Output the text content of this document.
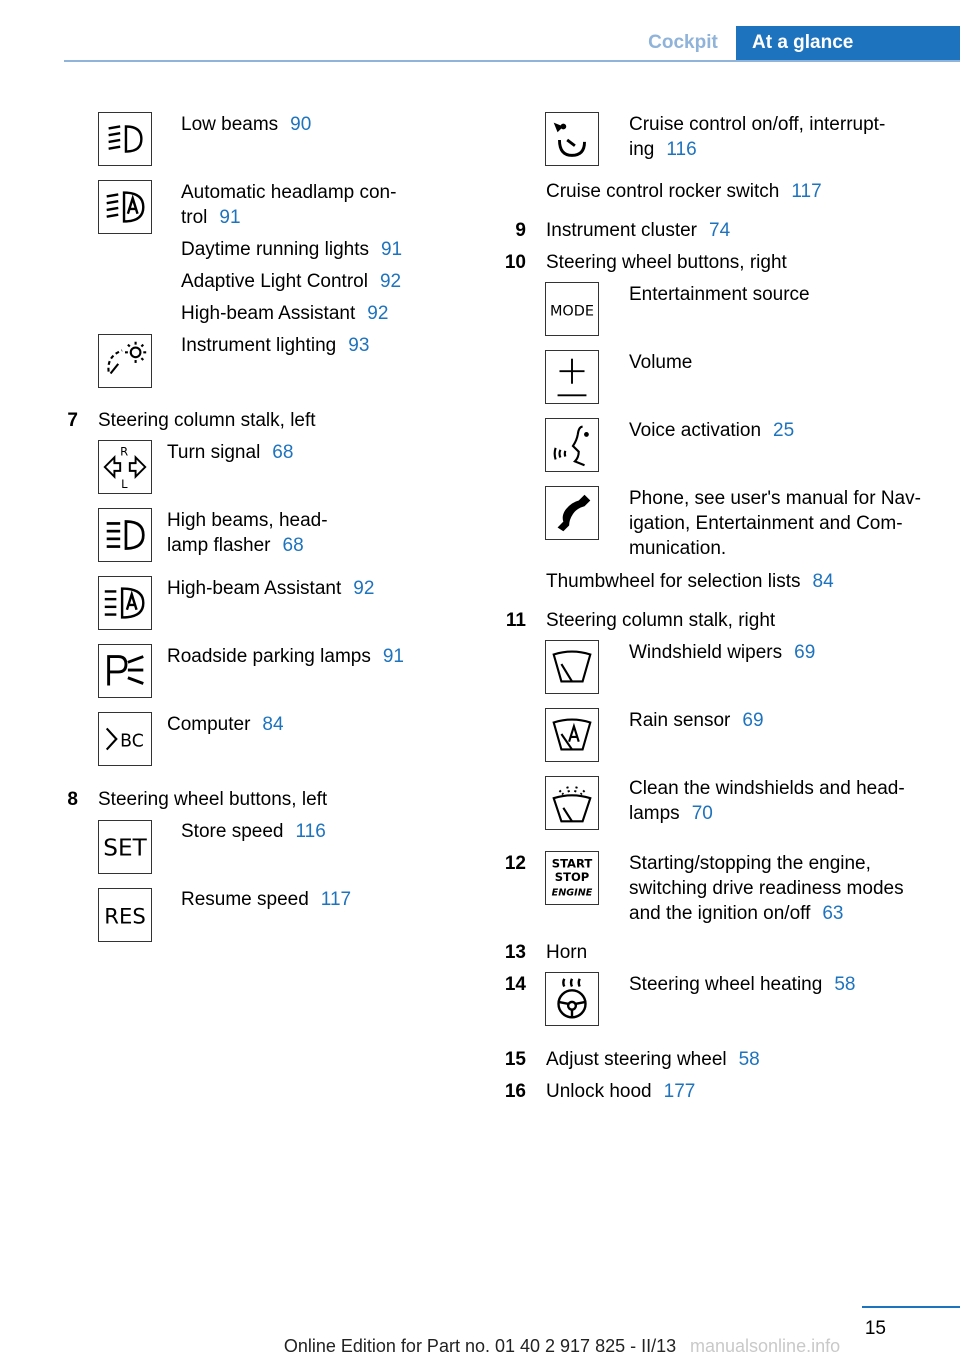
Cockpit	At a glance
Low beams 90
Automatic headlamp con-
trol 91
Daytime running lights 91
Adaptive Light Control 92
High-beam Assistant 92
Instrument lighting 93
7 Steering column stalk, left
R
L
Turn signal 68
High beams, head-
lamp flasher 68
High-beam Assistant 92
Roadside parking lamps 91
BC
Computer 84
8 Steering wheel buttons, left
SET
Store speed 116
RES
Resume speed 117
Cruise control on/off, interrupt-
ing 116
Cruise control rocker switch 117
9 Instrument cluster 74
10 Steering wheel buttons, right
MODE
Entertainment source
Volume
Voice activation 25
Phone, see user's manual for Nav-
igation, Entertainment and Com-
munication.
Thumbwheel for selection lists 84
11 Steering column stalk, right
Windshield wipers 69
Rain sensor 69
Clean the windshields and head-
lamps 70
12 START
STOP
ENGINE
Starting/stopping the engine,
switching drive readiness modes
and the ignition on/off 63
13 Horn
14	Steering wheel heating 58
15 Adjust steering wheel 58
16 Unlock hood 177
15
Online Edition for Part no. 01 40 2 917 825 - II/13 manualsonline.info
